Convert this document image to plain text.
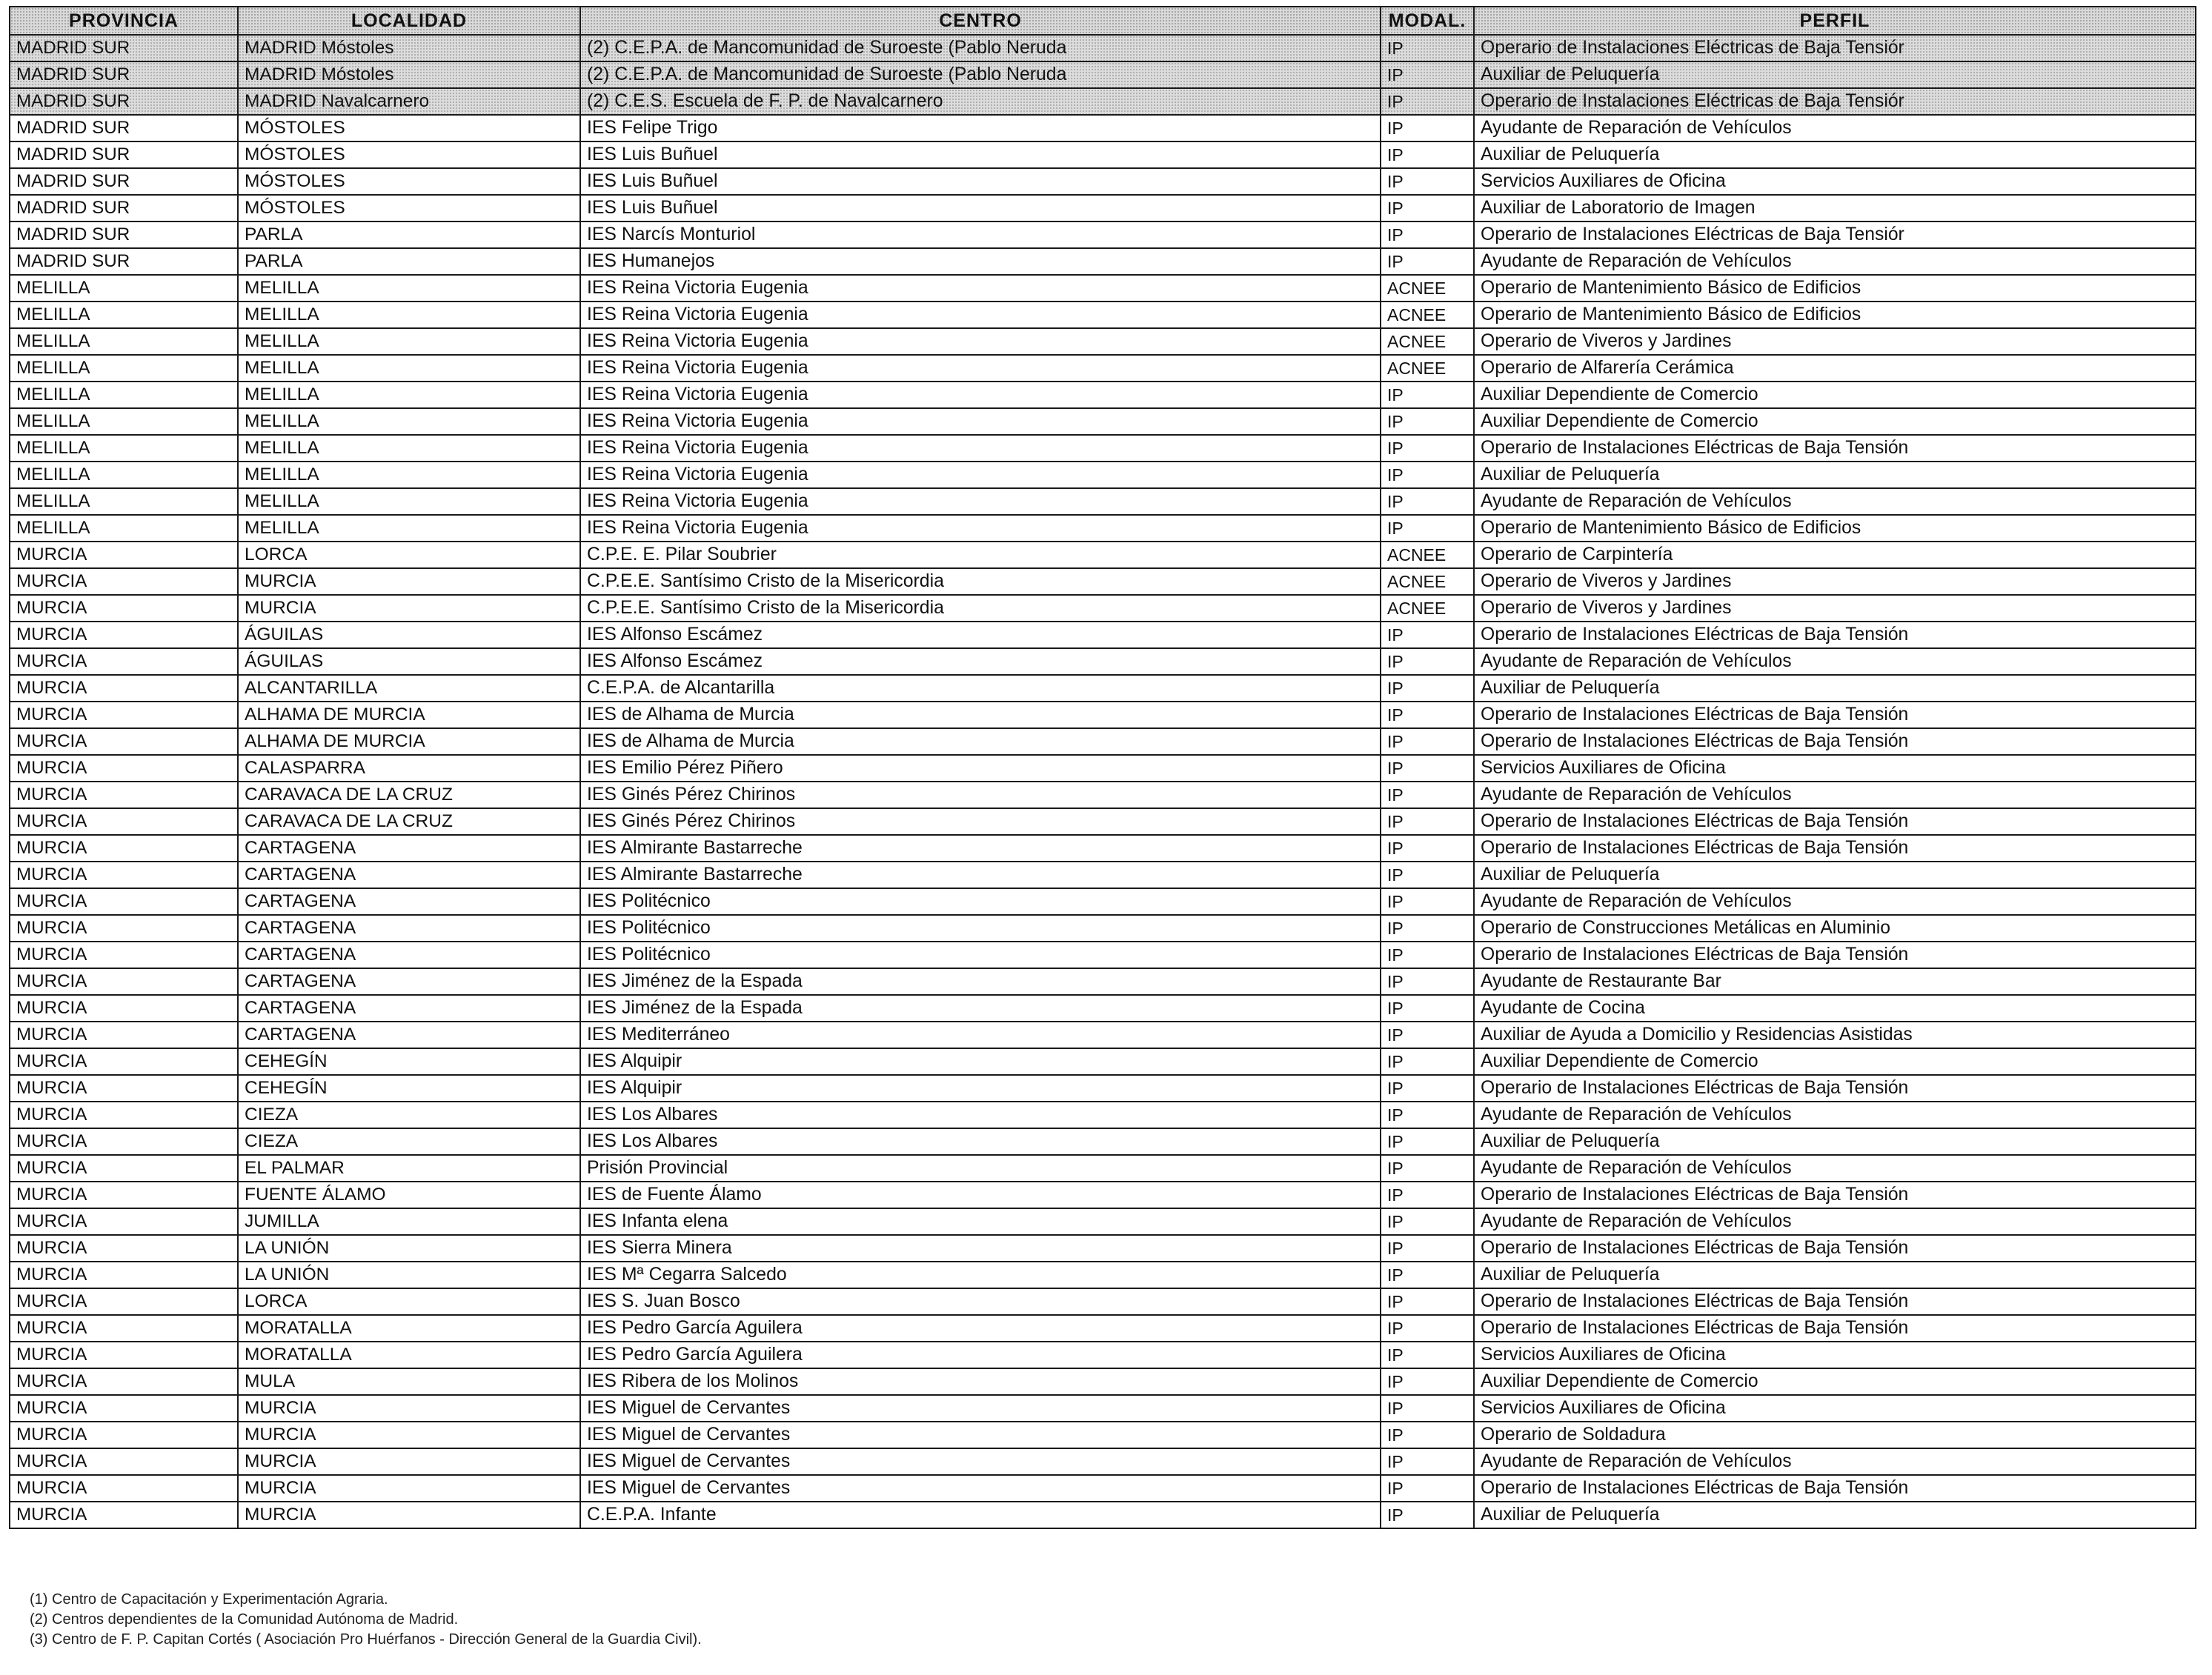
PROVINCIA	LOCALIDAD	CENTRO	MODAL.	PERFIL
MADRID SUR	MADRID Móstoles	(2) C.E.P.A. de Mancomunidad de Suroeste (Pablo Neruda	IP	Operario de Instalaciones Eléctricas de Baja Tensiór
MADRID SUR	MADRID Móstoles	(2) C.E.P.A. de Mancomunidad de Suroeste (Pablo Neruda	IP	Auxiliar de Peluquería
MADRID SUR	MADRID Navalcarnero	(2) C.E.S. Escuela de F. P. de Navalcarnero	IP	Operario de Instalaciones Eléctricas de Baja Tensiór
MADRID SUR	MÓSTOLES	IES Felipe Trigo	IP	Ayudante de Reparación de Vehículos
MADRID SUR	MÓSTOLES	IES Luis Buñuel	IP	Auxiliar de Peluquería
MADRID SUR	MÓSTOLES	IES Luis Buñuel	IP	Servicios Auxiliares de Oficina
MADRID SUR	MÓSTOLES	IES Luis Buñuel	IP	Auxiliar de Laboratorio de Imagen
MADRID SUR	PARLA	IES Narcís Monturiol	IP	Operario de Instalaciones Eléctricas de Baja Tensiór
MADRID SUR	PARLA	IES Humanejos	IP	Ayudante de Reparación de Vehículos
MELILLA	MELILLA	IES Reina Victoria Eugenia	ACNEE	Operario de Mantenimiento Básico de Edificios
MELILLA	MELILLA	IES Reina Victoria Eugenia	ACNEE	Operario de Mantenimiento Básico de Edificios
MELILLA	MELILLA	IES Reina Victoria Eugenia	ACNEE	Operario de Viveros y Jardines
MELILLA	MELILLA	IES Reina Victoria Eugenia	ACNEE	Operario de Alfarería Cerámica
MELILLA	MELILLA	IES Reina Victoria Eugenia	IP	Auxiliar Dependiente de Comercio
MELILLA	MELILLA	IES Reina Victoria Eugenia	IP	Auxiliar Dependiente de Comercio
MELILLA	MELILLA	IES Reina Victoria Eugenia	IP	Operario de Instalaciones Eléctricas de Baja Tensión
MELILLA	MELILLA	IES Reina Victoria Eugenia	IP	Auxiliar de Peluquería
MELILLA	MELILLA	IES Reina Victoria Eugenia	IP	Ayudante de Reparación de Vehículos
MELILLA	MELILLA	IES Reina Victoria Eugenia	IP	Operario de Mantenimiento Básico de Edificios
MURCIA	LORCA	C.P.E. E. Pilar Soubrier	ACNEE	Operario de Carpintería
MURCIA	MURCIA	C.P.E.E. Santísimo Cristo de la Misericordia	ACNEE	Operario de Viveros y Jardines
MURCIA	MURCIA	C.P.E.E. Santísimo Cristo de la Misericordia	ACNEE	Operario de Viveros y Jardines
MURCIA	ÁGUILAS	IES Alfonso Escámez	IP	Operario de Instalaciones Eléctricas de Baja Tensión
MURCIA	ÁGUILAS	IES Alfonso Escámez	IP	Ayudante de Reparación de Vehículos
MURCIA	ALCANTARILLA	C.E.P.A. de Alcantarilla	IP	Auxiliar de Peluquería
MURCIA	ALHAMA DE MURCIA	IES de Alhama de Murcia	IP	Operario de Instalaciones Eléctricas de Baja Tensión
MURCIA	ALHAMA DE MURCIA	IES de Alhama de Murcia	IP	Operario de Instalaciones Eléctricas de Baja Tensión
MURCIA	CALASPARRA	IES Emilio Pérez Piñero	IP	Servicios Auxiliares de Oficina
MURCIA	CARAVACA DE LA CRUZ	IES Ginés Pérez Chirinos	IP	Ayudante de Reparación de Vehículos
MURCIA	CARAVACA DE LA CRUZ	IES Ginés Pérez Chirinos	IP	Operario de Instalaciones Eléctricas de Baja Tensión
MURCIA	CARTAGENA	IES Almirante Bastarreche	IP	Operario de Instalaciones Eléctricas de Baja Tensión
MURCIA	CARTAGENA	IES Almirante Bastarreche	IP	Auxiliar de Peluquería
MURCIA	CARTAGENA	IES Politécnico	IP	Ayudante de Reparación de Vehículos
MURCIA	CARTAGENA	IES Politécnico	IP	Operario de Construcciones Metálicas en Aluminio
MURCIA	CARTAGENA	IES Politécnico	IP	Operario de Instalaciones Eléctricas de Baja Tensión
MURCIA	CARTAGENA	IES Jiménez de la Espada	IP	Ayudante de Restaurante Bar
MURCIA	CARTAGENA	IES Jiménez de la Espada	IP	Ayudante de Cocina
MURCIA	CARTAGENA	IES Mediterráneo	IP	Auxiliar de Ayuda a Domicilio y Residencias Asistidas
MURCIA	CEHEGÍN	IES Alquipir	IP	Auxiliar Dependiente de Comercio
MURCIA	CEHEGÍN	IES Alquipir	IP	Operario de Instalaciones Eléctricas de Baja Tensión
MURCIA	CIEZA	IES Los Albares	IP	Ayudante de Reparación de Vehículos
MURCIA	CIEZA	IES Los Albares	IP	Auxiliar de Peluquería
MURCIA	EL PALMAR	Prisión Provincial	IP	Ayudante de Reparación de Vehículos
MURCIA	FUENTE ÁLAMO	IES de Fuente Álamo	IP	Operario de Instalaciones Eléctricas de Baja Tensión
MURCIA	JUMILLA	IES Infanta elena	IP	Ayudante de Reparación de Vehículos
MURCIA	LA UNIÓN	IES Sierra Minera	IP	Operario de Instalaciones Eléctricas de Baja Tensión
MURCIA	LA UNIÓN	IES Mª Cegarra Salcedo	IP	Auxiliar de Peluquería
MURCIA	LORCA	IES S. Juan Bosco	IP	Operario de Instalaciones Eléctricas de Baja Tensión
MURCIA	MORATALLA	IES Pedro García Aguilera	IP	Operario de Instalaciones Eléctricas de Baja Tensión
MURCIA	MORATALLA	IES Pedro García Aguilera	IP	Servicios Auxiliares de Oficina
MURCIA	MULA	IES Ribera de los Molinos	IP	Auxiliar Dependiente de Comercio
MURCIA	MURCIA	IES Miguel de Cervantes	IP	Servicios Auxiliares de Oficina
MURCIA	MURCIA	IES Miguel de Cervantes	IP	Operario de Soldadura
MURCIA	MURCIA	IES Miguel de Cervantes	IP	Ayudante de Reparación de Vehículos
MURCIA	MURCIA	IES Miguel de Cervantes	IP	Operario de Instalaciones Eléctricas de Baja Tensión
MURCIA	MURCIA	C.E.P.A. Infante	IP	Auxiliar de Peluquería
(1) Centro de Capacitación y Experimentación Agraria.
(2) Centros dependientes de la Comunidad Autónoma de Madrid.
(3) Centro de F. P. Capitan Cortés ( Asociación Pro Huérfanos - Dirección General de la Guardia Civil).
